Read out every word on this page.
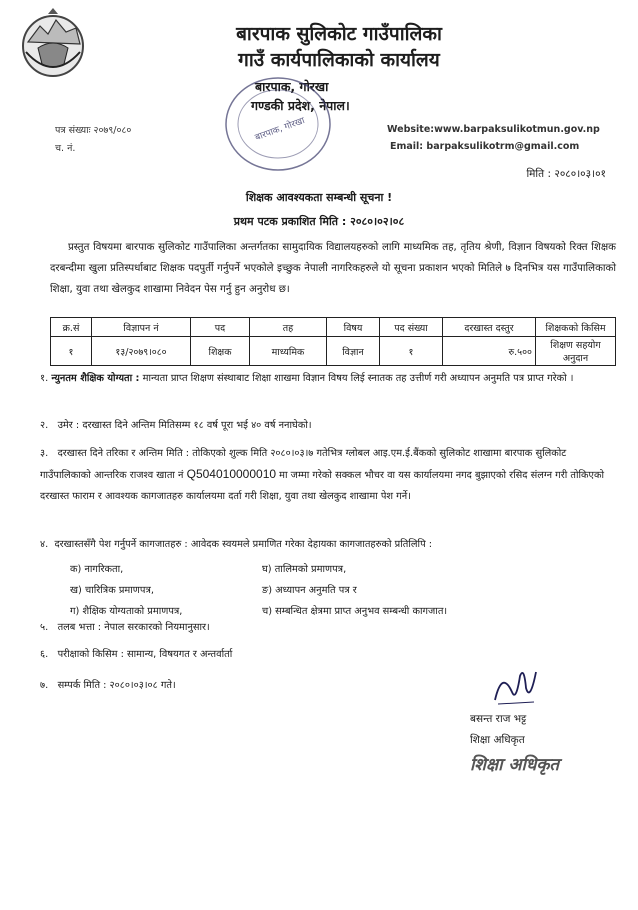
बारपाक सुलिकोट गाउँपालिका
गाउँ कार्यपालिकाको कार्यालय
बारपाक, गोरखा
गण्डकी प्रदेश, नेपाल।
बारपाक, गोरखा
पत्र संख्याः २०७९/०८०
च. नं.
Website:www.barpaksulikotmun.gov.np
Email: barpaksulikotrm@gmail.com
मिति : २०८०।०३।०१
शिक्षक आवश्यकता सम्बन्धी सूचना !
प्रथम पटक प्रकाशित मिति : २०८०।०२।०८
प्रस्तुत विषयमा बारपाक सुलिकोट गाउँपालिका अन्तर्गतका सामुदायिक विद्यालयहरुको लागि माध्यमिक तह, तृतिय श्रेणी, विज्ञान विषयको रिक्त शिक्षक दरबन्दीमा खुला प्रतिस्पर्धाबाट शिक्षक पदपुर्ती गर्नुपर्ने भएकोले इच्छुक नेपाली नागरिकहरुले यो सूचना प्रकाशन भएको मितिले ७ दिनभित्र यस गाउँपालिकाको शिक्षा, युवा तथा खेलकुद शाखामा निवेदन पेस गर्नु हुन अनुरोध छ।
क्र.सं	विज्ञापन नं	पद	तह	विषय	पद संख्या	दरखास्त दस्तुर	शिक्षकको किसिम
१	१३/२०७९।०८०	शिक्षक	माध्यमिक	विज्ञान	१	रु.५००	शिक्षण सहयोग अनुदान
१. न्युनतम शैक्षिक योग्यता : मान्यता प्राप्त शिक्षण संस्थाबाट शिक्षा शाखमा विज्ञान विषय लिई स्नातक तह उत्तीर्ण गरी अध्यापन अनुमति पत्र प्राप्त गरेको ।
२. उमेर : दरखास्त दिने अन्तिम मितिसम्म १८ वर्ष पूरा भई ४० वर्ष ननाघेको।
३. दरखास्त दिने तरिका र अन्तिम मिति : तोकिएको शुल्क मिति २०८०।०३।७ गतेभित्र ग्लोबल आइ.एम.ई.बैंकको सुलिकोट शाखामा बारपाक सुलिकोट गाउँपालिकाको आन्तरिक राजश्व खाता नं Q504010000010 मा जम्मा गरेको सक्कल भौचर वा यस कार्यालयमा नगद बुझाएको रसिद संलग्न गरी तोकिएको दरखास्त फाराम र आवश्यक कागजातहरु कार्यालयमा दर्ता गरी शिक्षा, युवा तथा खेलकुद शाखामा पेश गर्ने।
४. दरखास्तसँगै पेश गर्नुपर्ने कागजातहरु : आवेदक स्वयमले प्रमाणित गरेका देहायका कागजातहरुको प्रतिलिपि :
क) नागरिकता,
ख) चारित्रिक प्रमाणपत्र,
ग) शैक्षिक योग्यताको प्रमाणपत्र,
घ) तालिमको प्रमाणपत्र,
ङ) अध्यापन अनुमति पत्र र
च) सम्बन्धित क्षेत्रमा प्राप्त अनुभव सम्बन्धी कागजात।
५. तलब भत्ता : नेपाल सरकारको नियमानुसार।
६. परीक्षाको किसिम : सामान्य, विषयगत र अन्तर्वार्ता
७. सम्पर्क मिति : २०८०।०३।०८ गते।
बसन्त राज भट्ट
शिक्षा अधिकृत
शिक्षा अधिकृत
